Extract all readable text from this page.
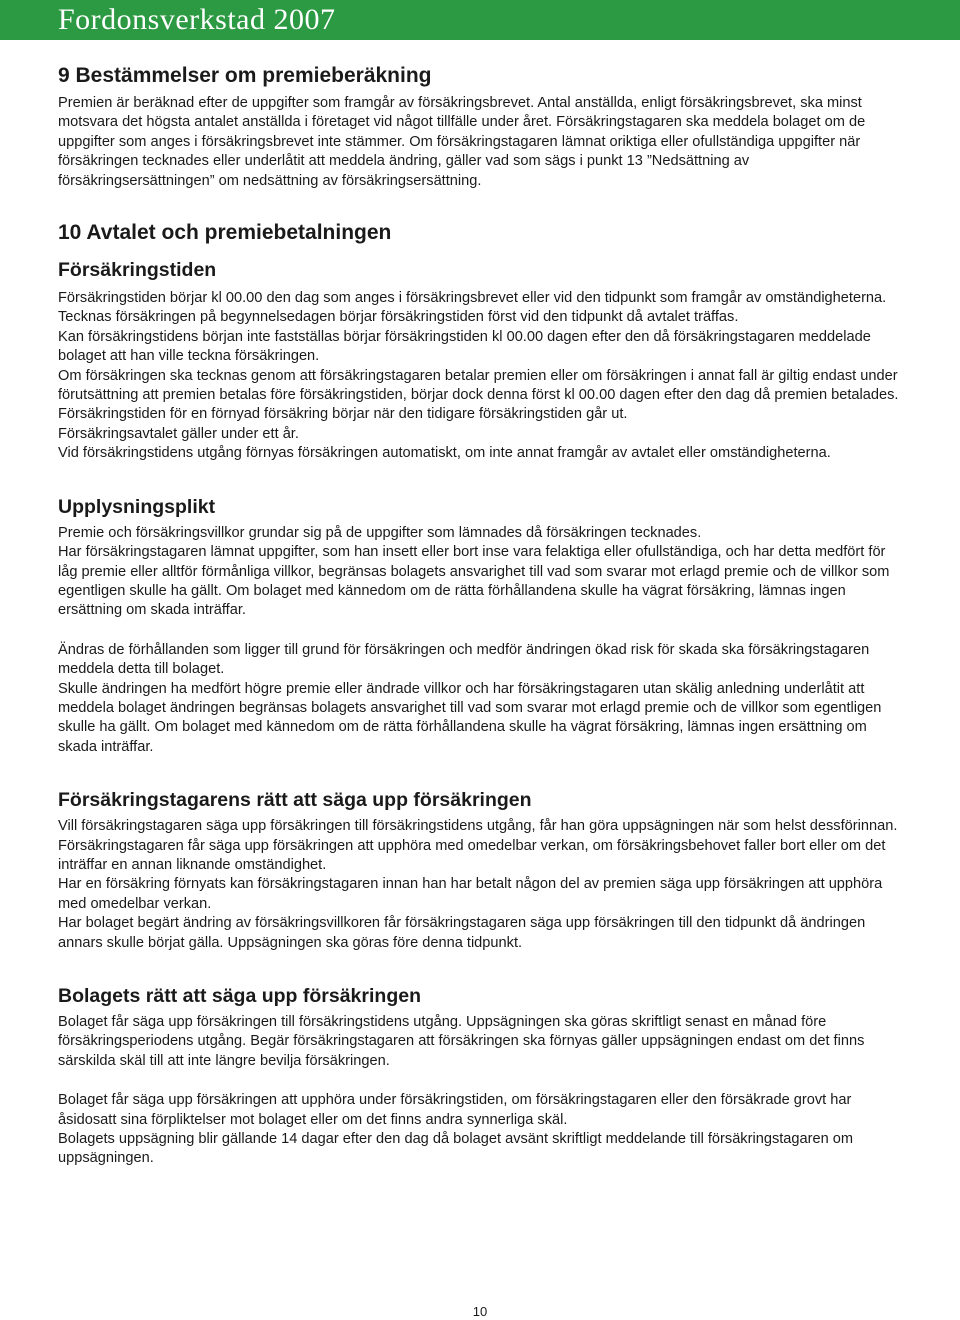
Fordonsverkstad 2007
9 Bestämmelser om premieberäkning

Premien är beräknad efter de uppgifter som framgår av försäkringsbrevet. Antal anställda, enligt försäkringsbrevet, ska minst motsvara det högsta antalet anställda i företaget vid något tillfälle under året. Försäkringstagaren ska meddela bolaget om de uppgifter som anges i försäkringsbrevet inte stämmer. Om försäkringstagaren lämnat oriktiga eller ofullständiga uppgifter när försäkringen tecknades eller underlåtit att meddela ändring, gäller vad som sägs i punkt 13 ”Nedsättning av försäkringsersättningen” om nedsättning av försäkringsersättning.

10 Avtalet och premiebetalningen
Försäkringstiden

Försäkringstiden börjar kl 00.00 den dag som anges i försäkringsbrevet eller vid den tidpunkt som framgår av omständigheterna. Tecknas försäkringen på begynnelsedagen börjar försäkringstiden först vid den tidpunkt då avtalet träffas.

Kan försäkringstidens början inte fastställas börjar försäkringstiden kl 00.00 dagen efter den då försäkringstagaren meddelade bolaget att han ville teckna försäkringen.

Om försäkringen ska tecknas genom att försäkringstagaren betalar premien eller om försäkringen i annat fall är giltig endast under förutsättning att premien betalas före försäkringstiden, börjar dock denna först kl 00.00 dagen efter den dag då premien betalades.

Försäkringstiden för en förnyad försäkring börjar när den tidigare försäkringstiden går ut.

Försäkringsavtalet gäller under ett år.

Vid försäkringstidens utgång förnyas försäkringen automatiskt, om inte annat framgår av avtalet eller omständigheterna.

Upplysningsplikt

Premie och försäkringsvillkor grundar sig på de uppgifter som lämnades då försäkringen tecknades.

Har försäkringstagaren lämnat uppgifter, som han insett eller bort inse vara felaktiga eller ofullständiga, och har detta medfört för låg premie eller alltför förmånliga villkor, begränsas bolagets ansvarighet till vad som svarar mot erlagd premie och de villkor som egentligen skulle ha gällt. Om bolaget med kännedom om de rätta förhållandena skulle ha vägrat försäkring, lämnas ingen ersättning om skada inträffar.

Ändras de förhållanden som ligger till grund för försäkringen och medför ändringen ökad risk för skada ska försäkringstagaren meddela detta till bolaget.

Skulle ändringen ha medfört högre premie eller ändrade villkor och har försäkringstagaren utan skälig anledning underlåtit att meddela bolaget ändringen begränsas bolagets ansvarighet till vad som svarar mot erlagd premie och de villkor som egentligen skulle ha gällt. Om bolaget med kännedom om de rätta förhållandena skulle ha vägrat försäkring, lämnas ingen ersättning om skada inträffar.

Försäkringstagarens rätt att säga upp försäkringen

Vill försäkringstagaren säga upp försäkringen till försäkringstidens utgång, får han göra uppsägningen när som helst dessförinnan.

Försäkringstagaren får säga upp försäkringen att upphöra med omedelbar verkan, om försäkringsbehovet faller bort eller om det inträffar en annan liknande omständighet.

Har en försäkring förnyats kan försäkringstagaren innan han har betalt någon del av premien säga upp försäkringen att upphöra med omedelbar verkan.

Har bolaget begärt ändring av försäkringsvillkoren får försäkringstagaren säga upp försäkringen till den tidpunkt då ändringen annars skulle börjat gälla. Uppsägningen ska göras före denna tidpunkt.

Bolagets rätt att säga upp försäkringen

Bolaget får säga upp försäkringen till försäkringstidens utgång. Uppsägningen ska göras skriftligt senast en månad före försäkringsperiodens utgång. Begär försäkringstagaren att försäkringen ska förnyas gäller uppsägningen endast om det finns särskilda skäl till att inte längre bevilja försäkringen.

Bolaget får säga upp försäkringen att upphöra under försäkringstiden, om försäkringstagaren eller den försäkrade grovt har åsidosatt sina förpliktelser mot bolaget eller om det finns andra synnerliga skäl.

Bolagets uppsägning blir gällande 14 dagar efter den dag då bolaget avsänt skriftligt meddelande till försäkringstagaren om uppsägningen.

10
